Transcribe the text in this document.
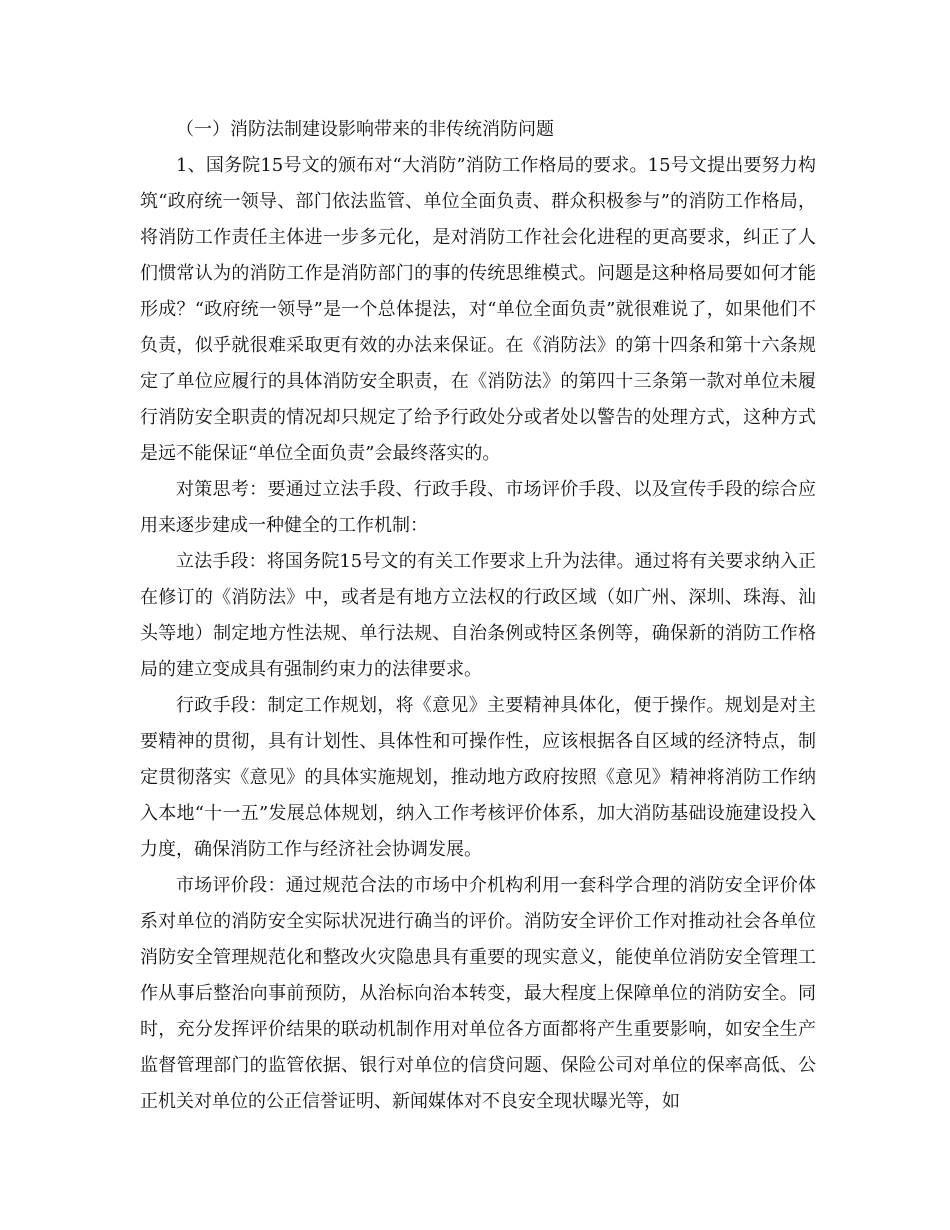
（一）消防法制建设影响带来的非传统消防问题

1、国务院15号文的颁布对“大消防”消防工作格局的要求。15号文提出要努力构筑“政府统一领导、部门依法监管、单位全面负责、群众积极参与”的消防工作格局，将消防工作责任主体进一步多元化，是对消防工作社会化进程的更高要求，纠正了人们惯常认为的消防工作是消防部门的事的传统思维模式。问题是这种格局要如何才能形成？“政府统一领导”是一个总体提法，对“单位全面负责”就很难说了，如果他们不负责，似乎就很难采取更有效的办法来保证。在《消防法》的第十四条和第十六条规定了单位应履行的具体消防安全职责，在《消防法》的第四十三条第一款对单位未履行消防安全职责的情况却只规定了给予行政处分或者处以警告的处理方式，这种方式是远不能保证“单位全面负责”会最终落实的。

对策思考：要通过立法手段、行政手段、市场评价手段、以及宣传手段的综合应用来逐步建成一种健全的工作机制：

立法手段：将国务院15号文的有关工作要求上升为法律。通过将有关要求纳入正在修订的《消防法》中，或者是有地方立法权的行政区域（如广州、深圳、珠海、汕头等地）制定地方性法规、单行法规、自治条例或特区条例等，确保新的消防工作格局的建立变成具有强制约束力的法律要求。

行政手段：制定工作规划，将《意见》主要精神具体化，便于操作。规划是对主要精神的贯彻，具有计划性、具体性和可操作性，应该根据各自区域的经济特点，制定贯彻落实《意见》的具体实施规划，推动地方政府按照《意见》精神将消防工作纳入本地“十一五”发展总体规划，纳入工作考核评价体系，加大消防基础设施建设投入力度，确保消防工作与经济社会协调发展。

市场评价段：通过规范合法的市场中介机构利用一套科学合理的消防安全评价体系对单位的消防安全实际状况进行确当的评价。消防安全评价工作对推动社会各单位消防安全管理规范化和整改火灾隐患具有重要的现实意义，能使单位消防安全管理工作从事后整治向事前预防，从治标向治本转变，最大程度上保障单位的消防安全。同时，充分发挥评价结果的联动机制作用对单位各方面都将产生重要影响，如安全生产监督管理部门的监管依据、银行对单位的信贷问题、保险公司对单位的保率高低、公正机关对单位的公正信誉证明、新闻媒体对不良安全现状曝光等，如
